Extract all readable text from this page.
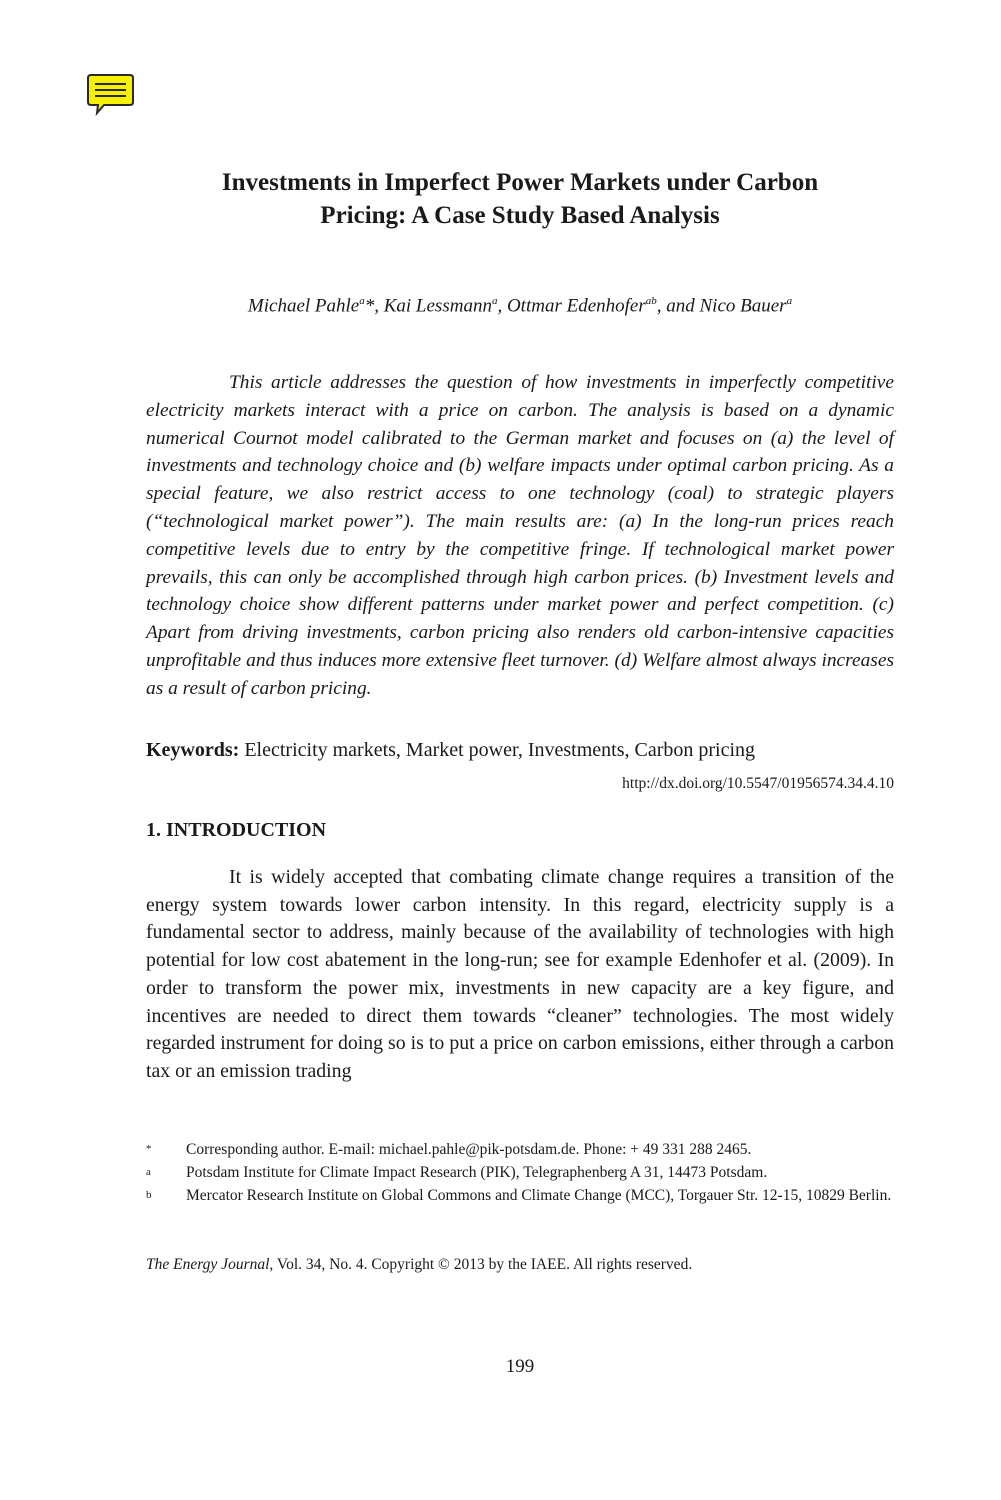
Investments in Imperfect Power Markets under Carbon
Pricing: A Case Study Based Analysis
Michael Pahle$^a$*, Kai Lessmann$^a$, Ottmar Edenhofer$^{ab}$, and Nico Bauer$^a$
This article addresses the question of how investments in imperfectly competitive electricity markets interact with a price on carbon. The analysis is based on a dynamic numerical Cournot model calibrated to the German market and focuses on (a) the level of investments and technology choice and (b) welfare impacts under optimal carbon pricing. As a special feature, we also restrict access to one technology (coal) to strategic players (“technological market power”). The main results are: (a) In the long-run prices reach competitive levels due to entry by the competitive fringe. If technological market power prevails, this can only be accomplished through high carbon prices. (b) Investment levels and technology choice show different patterns under market power and perfect competition. (c) Apart from driving investments, carbon pricing also renders old carbon-intensive capacities unprofitable and thus induces more extensive fleet turnover. (d) Welfare almost always increases as a result of carbon pricing.
Keywords: Electricity markets, Market power, Investments, Carbon pricing
http://dx.doi.org/10.5547/01956574.34.4.10
1. INTRODUCTION
It is widely accepted that combating climate change requires a transition of the energy system towards lower carbon intensity. In this regard, electricity supply is a fundamental sector to address, mainly because of the availability of technologies with high potential for low cost abatement in the long-run; see for example Edenhofer et al. (2009). In order to transform the power mix, investments in new capacity are a key figure, and incentives are needed to direct them towards “cleaner” technologies. The most widely regarded instrument for doing so is to put a price on carbon emissions, either through a carbon tax or an emission trading
*	Corresponding author. E-mail: michael.pahle@pik-potsdam.de. Phone: + 49 331 288 2465.
a	Potsdam Institute for Climate Impact Research (PIK), Telegraphenberg A 31, 14473 Potsdam.
b	Mercator Research Institute on Global Commons and Climate Change (MCC), Torgauer Str. 12-15, 10829 Berlin.
The Energy Journal, Vol. 34, No. 4. Copyright © 2013 by the IAEE. All rights reserved.
199
